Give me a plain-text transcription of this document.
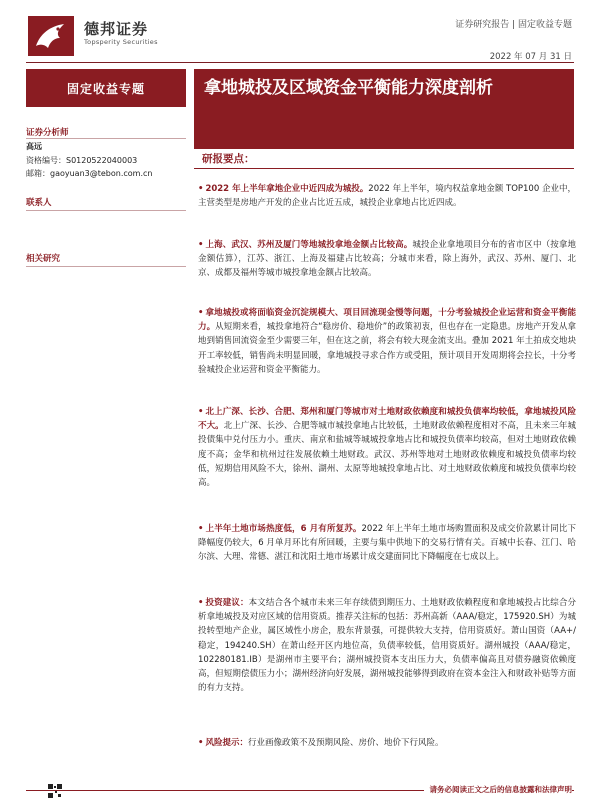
德邦证券
Topsperity Securities
证券研究报告 | 固定收益专题
2022 年 07 月 31 日
固定收益专题	拿地城投及区域资金平衡能力深度剖析
证券分析师
高远
资格编号：S0120522040003
邮箱：gaoyuan3@tebon.com.cn
联系人
相关研究
研报要点：
• 2022 年上半年拿地企业中近四成为城投。2022 年上半年，境内权益拿地金额 TOP100 企业中，主营类型是房地产开发的企业占比近五成，城投企业拿地占比近四成。
• 上海、武汉、苏州及厦门等地城投拿地金额占比较高。城投企业拿地项目分布的省市区中（按拿地金额估算），江苏、浙江、上海及福建占比较高；分城市来看，除上海外，武汉、苏州、厦门、北京、成都及福州等城市城投拿地金额占比较高。
• 拿地城投或将面临资金沉淀规模大、项目回流现金慢等问题，十分考验城投企业运营和资金平衡能力。从短期来看，城投拿地符合“稳房价、稳地价”的政策初衷，但也存在一定隐患。房地产开发从拿地到销售回流资金至少需要三年，但在这之前，将会有较大现金流支出。叠加 2021 年土拍成交地块开工率较低，销售尚未明显回暖，拿地城投寻求合作方或受阻，预计项目开发周期将会拉长，十分考验城投企业运营和资金平衡能力。
• 北上广深、长沙、合肥、郑州和厦门等城市对土地财政依赖度和城投负债率均较低，拿地城投风险不大。北上广深、长沙、合肥等城市城投拿地占比较低，土地财政依赖程度相对不高，且未来三年城投债集中兑付压力小。重庆、南京和盐城等城城投拿地占比和城投负债率均较高，但对土地财政依赖度不高；金华和杭州过往发展依赖土地财政。武汉、苏州等地对土地财政依赖度和城投负债率均较低，短期信用风险不大，徐州、湖州、太原等地城投拿地占比、对土地财政依赖度和城投负债率均较高。
• 上半年土地市场热度低，6 月有所复苏。2022 年上半年土地市场购置面积及成交价款累计同比下降幅度仍较大，6 月单月环比有所回暖，主要与集中供地下的交易行情有关。百城中长春、江门、哈尔滨、大理、常德、湛江和沈阳土地市场累计成交建面同比下降幅度在七成以上。
• 投资建议：本文结合各个城市未来三年存续债到期压力、土地财政依赖程度和拿地城投占比综合分析拿地城投及对应区域的信用资质。推荐关注标的包括：苏州高新（AAA/稳定，175920.SH）为城投转型地产企业，属区域性小房企，股东背景强，可提供较大支持，信用资质好。萧山国资（AA+/稳定，194240.SH）在萧山经开区内地位高，负债率较低，信用资质好。湖州城投（AAA/稳定，102280181.IB）是湖州市主要平台；湖州城投资本支出压力大，负债率偏高且对债券融资依赖度高，但短期偿债压力小；湖州经济向好发展，湖州城投能够得到政府在资本金注入和财政补贴等方面的有力支持。
• 风险提示：行业画像政策不及预期风险、房价、地价下行风险。
请务必阅读正文之后的信息披露和法律声明
